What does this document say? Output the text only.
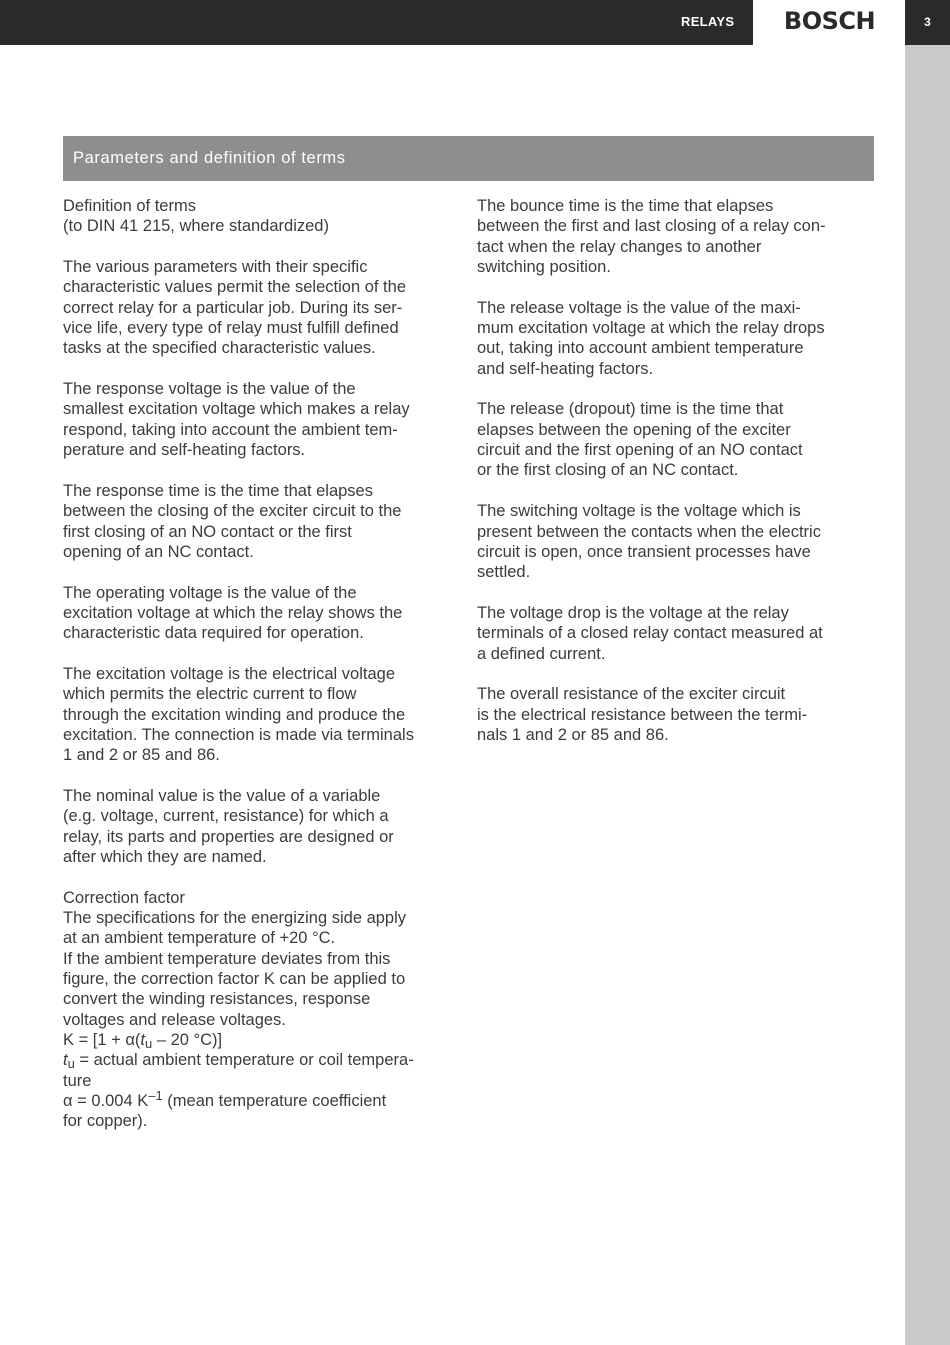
RELAYS	BOSCH	3
Parameters and definition of terms

Definition of terms
(to DIN 41 215, where standardized)

The various parameters with their specific
characteristic values permit the selection of the
correct relay for a particular job. During its ser-
vice life, every type of relay must fulfill defined
tasks at the specified characteristic values.

The response voltage is the value of the
smallest excitation voltage which makes a relay
respond, taking into account the ambient tem-
perature and self-heating factors.

The response time is the time that elapses
between the closing of the exciter circuit to the
first closing of an NO contact or the first
opening of an NC contact.

The operating voltage is the value of the
excitation voltage at which the relay shows the
characteristic data required for operation.

The excitation voltage is the electrical voltage
which permits the electric current to flow
through the excitation winding and produce the
excitation. The connection is made via terminals
1 and 2 or 85 and 86.

The nominal value is the value of a variable
(e.g. voltage, current, resistance) for which a
relay, its parts and properties are designed or
after which they are named.

Correction factor
The specifications for the energizing side apply
at an ambient temperature of +20 °C.
If the ambient temperature deviates from this
figure, the correction factor K can be applied to
convert the winding resistances, response
voltages and release voltages.
$K = [1 + \alpha(t_u - 20$ °C)]
$t_u$ = actual ambient temperature or coil tempera-
ture
α = 0.004 $K^{-1}$ (mean temperature coefficient
for copper).

The bounce time is the time that elapses
between the first and last closing of a relay con-
tact when the relay changes to another
switching position.

The release voltage is the value of the maxi-
mum excitation voltage at which the relay drops
out, taking into account ambient temperature
and self-heating factors.

The release (dropout) time is the time that
elapses between the opening of the exciter
circuit and the first opening of an NO contact
or the first closing of an NC contact.

The switching voltage is the voltage which is
present between the contacts when the electric
circuit is open, once transient processes have
settled.

The voltage drop is the voltage at the relay
terminals of a closed relay contact measured at
a defined current.

The overall resistance of the exciter circuit
is the electrical resistance between the termi-
nals 1 and 2 or 85 and 86.
